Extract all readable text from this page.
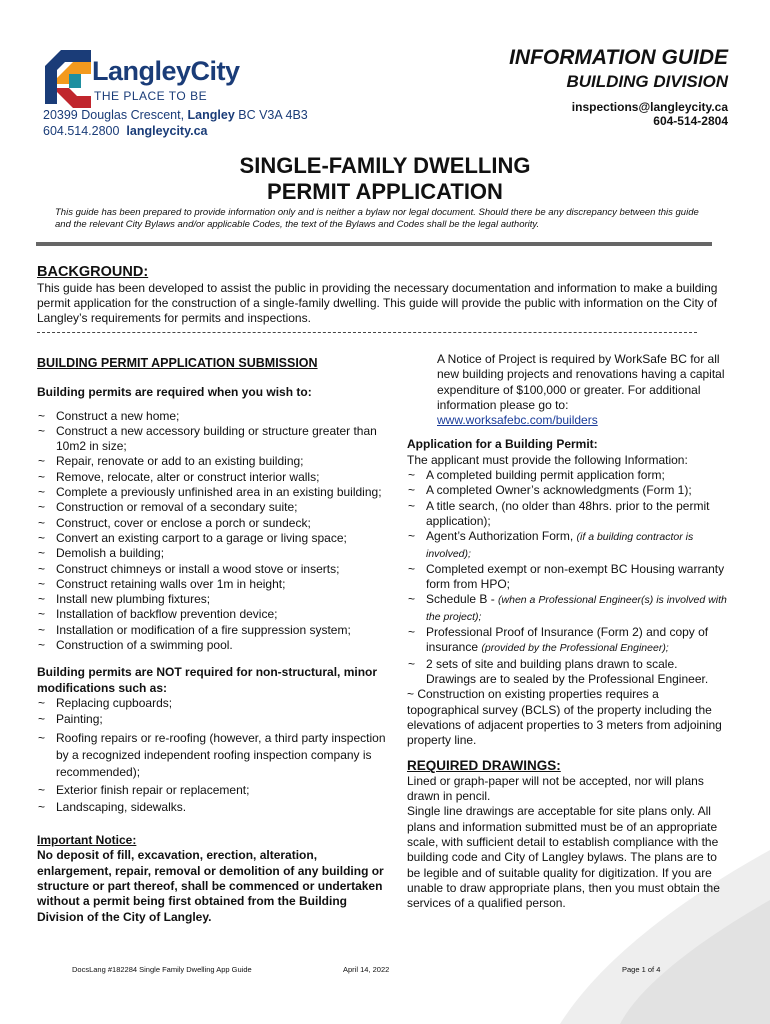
LangleyCity
THE PLACE TO BE
20399 Douglas Crescent, Langley BC V3A 4B3
604.514.2800 langleycity.ca
INFORMATION GUIDE
BUILDING DIVISION
inspections@langleycity.ca
604-514-2804
SINGLE-FAMILY DWELLING
PERMIT APPLICATION
This guide has been prepared to provide information only and is neither a bylaw nor legal document. Should there be any discrepancy between this guide and the relevant City Bylaws and/or applicable Codes, the text of the Bylaws and Codes shall be the legal authority.
BACKGROUND:
This guide has been developed to assist the public in providing the necessary documentation and information to make a building permit application for the construction of a single-family dwelling. This guide will provide the public with information on the City of Langley’s requirements for permits and inspections.
BUILDING PERMIT APPLICATION SUBMISSION
Building permits are required when you wish to:
~ Construct a new home;
~ Construct a new accessory building or structure greater than 10m2 in size;
~ Repair, renovate or add to an existing building;
~ Remove, relocate, alter or construct interior walls;
~ Complete a previously unfinished area in an existing building;
~ Construction or removal of a secondary suite;
~ Construct, cover or enclose a porch or sundeck;
~ Convert an existing carport to a garage or living space;
~ Demolish a building;
~ Construct chimneys or install a wood stove or inserts;
~ Construct retaining walls over 1m in height;
~ Install new plumbing fixtures;
~ Installation of backflow prevention device;
~ Installation or modification of a fire suppression system;
~ Construction of a swimming pool.
Building permits are NOT required for non-structural, minor modifications such as:
~ Replacing cupboards;
~ Painting;
~ Roofing repairs or re-roofing (however, a third party inspection by a recognized independent roofing inspection company is recommended);
~ Exterior finish repair or replacement;
~ Landscaping, sidewalks.
Important Notice:
No deposit of fill, excavation, erection, alteration, enlargement, repair, removal or demolition of any building or structure or part thereof, shall be commenced or undertaken without a permit being first obtained from the Building Division of the City of Langley.
A Notice of Project is required by WorkSafe BC for all new building projects and renovations having a capital expenditure of $100,000 or greater. For additional information please go to:
www.worksafebc.com/builders
Application for a Building Permit:
The applicant must provide the following Information:
~ A completed building permit application form;
~ A completed Owner’s acknowledgments (Form 1);
~ A title search, (no older than 48hrs. prior to the permit application);
~ Agent’s Authorization Form, (if a building contractor is involved);
~ Completed exempt or non-exempt BC Housing warranty form from HPO;
~ Schedule B - (when a Professional Engineer(s) is involved with the project);
~ Professional Proof of Insurance (Form 2) and copy of insurance (provided by the Professional Engineer);
~ 2 sets of site and building plans drawn to scale. Drawings are to sealed by the Professional Engineer.
~ Construction on existing properties requires a topographical survey (BCLS) of the property including the elevations of adjacent properties to 3 meters from adjoining property line.
REQUIRED DRAWINGS:
Lined or graph-paper will not be accepted, nor will plans drawn in pencil.
Single line drawings are acceptable for site plans only. All plans and information submitted must be of an appropriate scale, with sufficient detail to establish compliance with the building code and City of Langley bylaws. The plans are to be legible and of suitable quality for digitization. If you are unable to draw appropriate plans, then you must obtain the services of a qualified person.
DocsLang #182284 Single Family Dwelling App Guide	April 14, 2022	Page 1 of 4
